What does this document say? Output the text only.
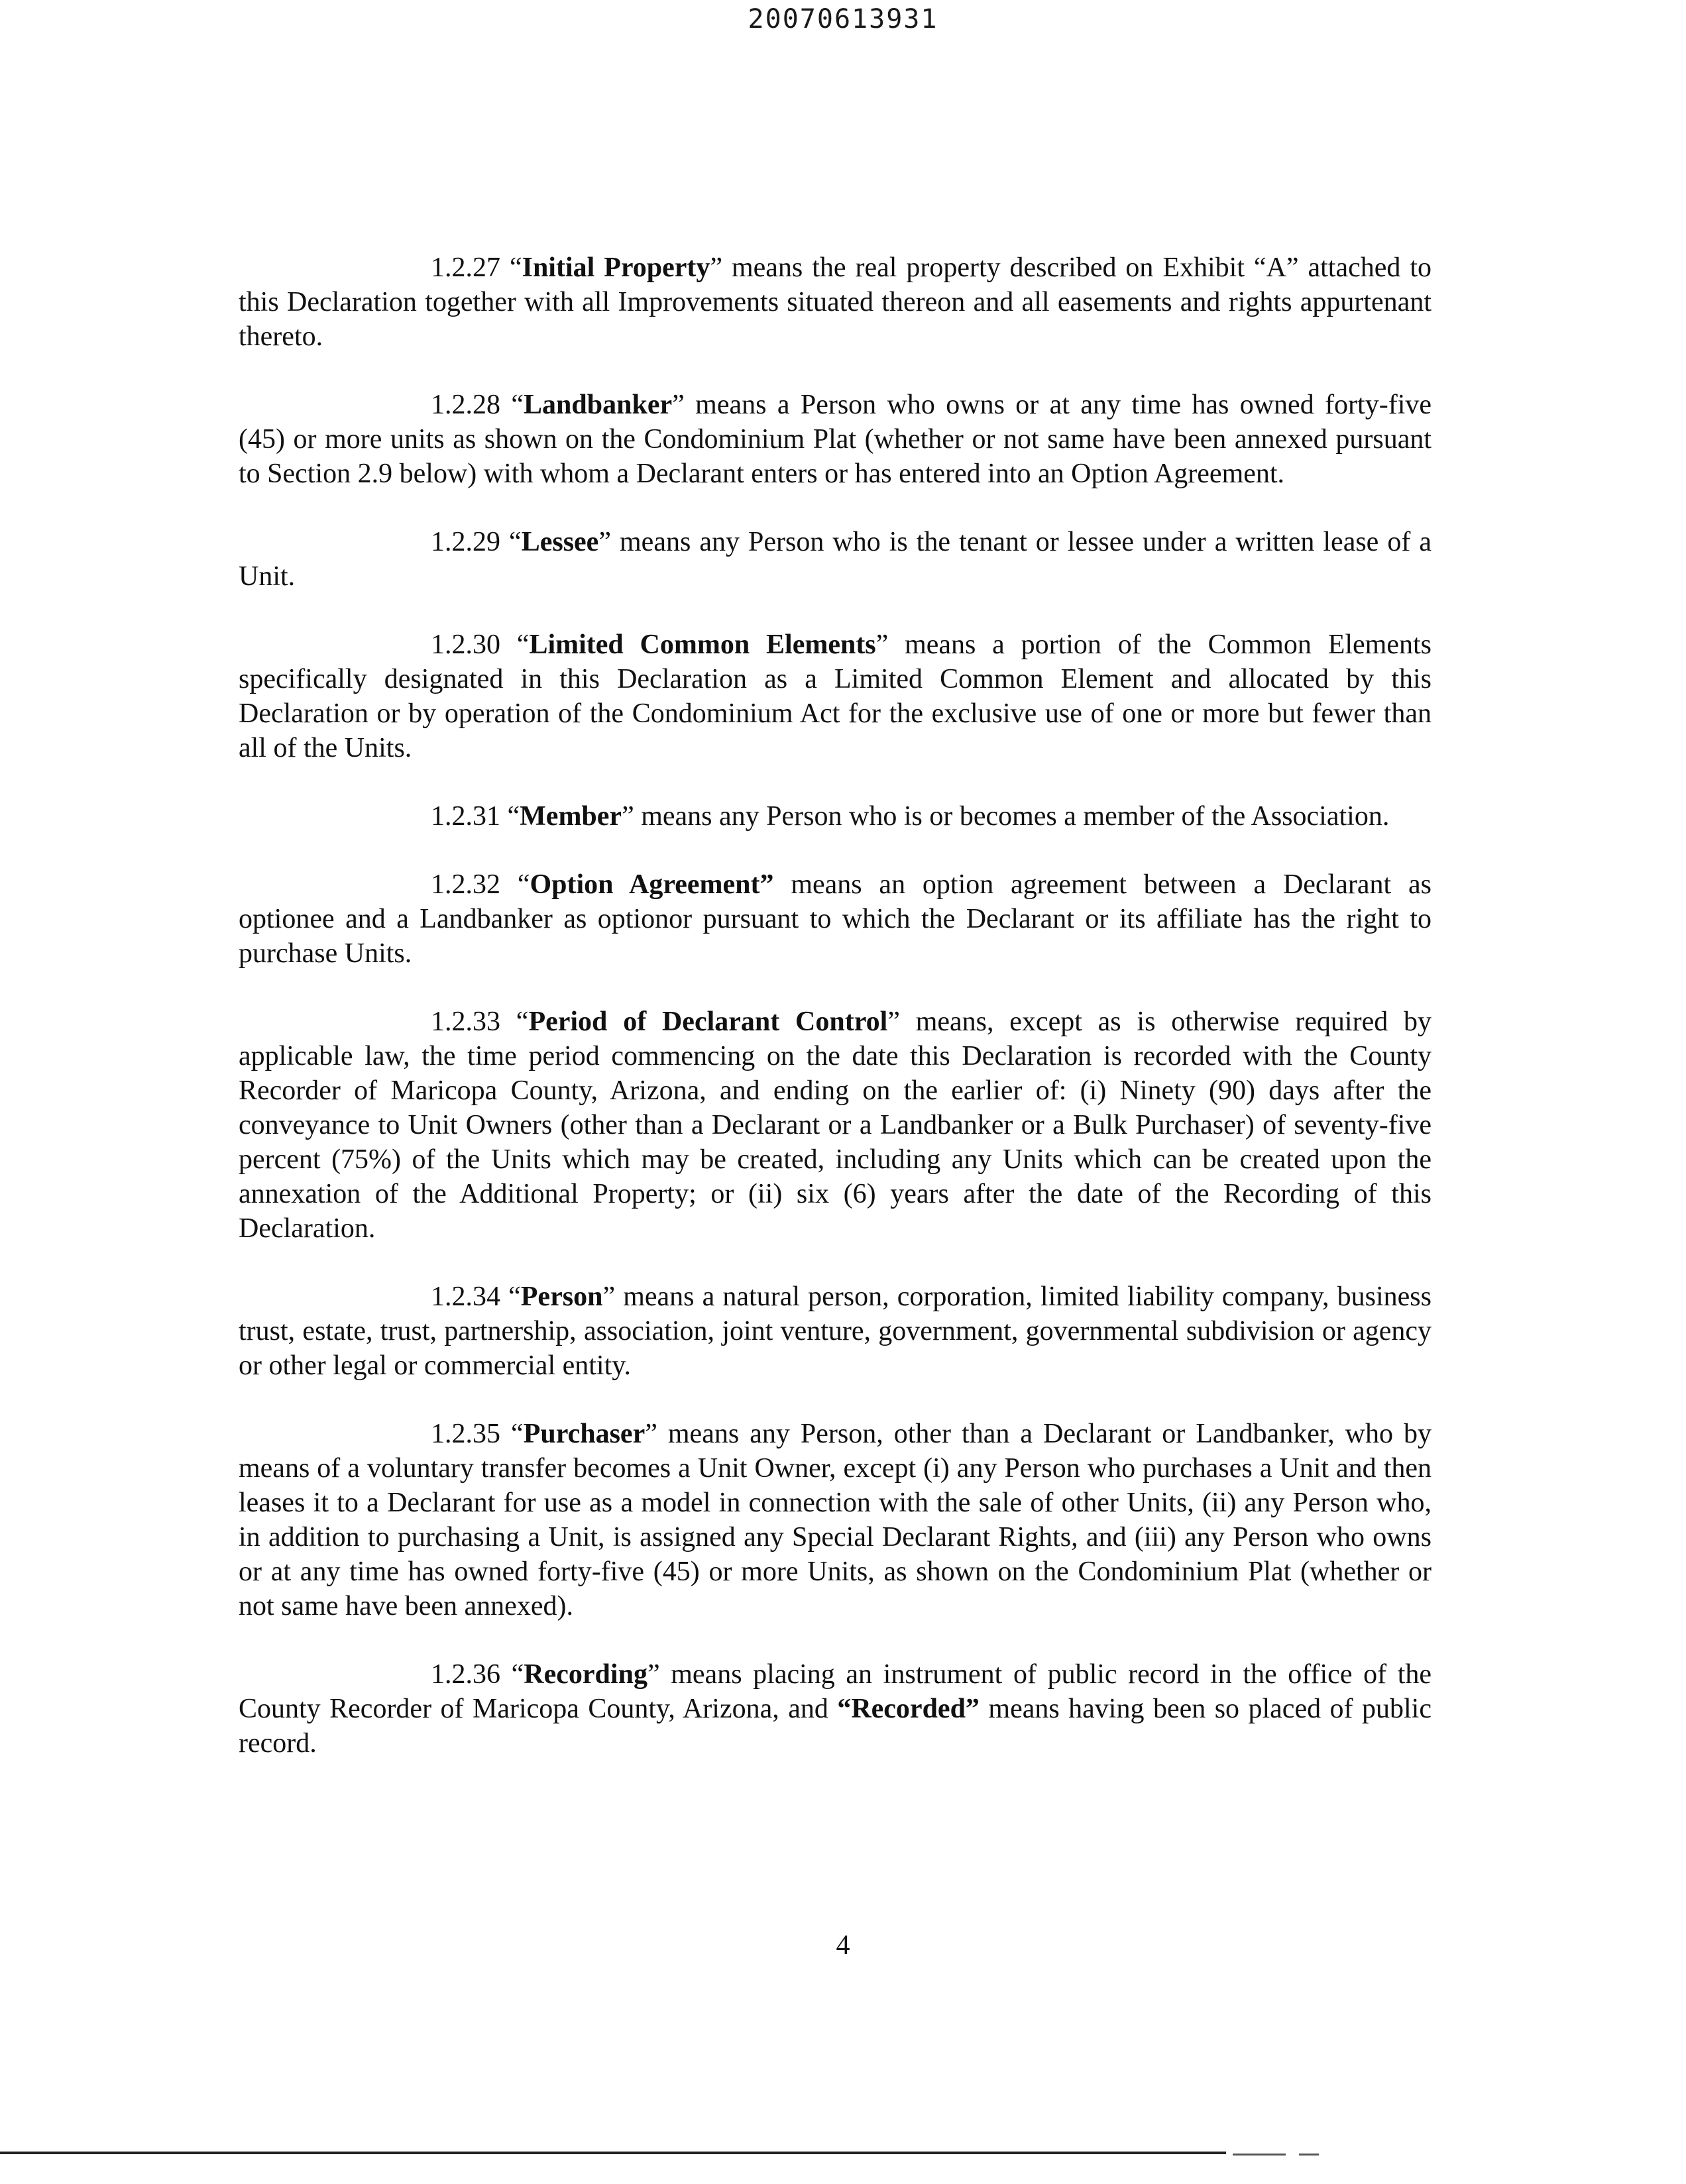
20070613931

1.2.27 “Initial Property” means the real property described on Exhibit “A” attached to this Declaration together with all Improvements situated thereon and all easements and rights appurtenant thereto.

1.2.28 “Landbanker” means a Person who owns or at any time has owned forty-five (45) or more units as shown on the Condominium Plat (whether or not same have been annexed pursuant to Section 2.9 below) with whom a Declarant enters or has entered into an Option Agreement.

1.2.29 “Lessee” means any Person who is the tenant or lessee under a written lease of a Unit.

1.2.30 “Limited Common Elements” means a portion of the Common Elements specifically designated in this Declaration as a Limited Common Element and allocated by this Declaration or by operation of the Condominium Act for the exclusive use of one or more but fewer than all of the Units.

1.2.31 “Member” means any Person who is or becomes a member of the Association.

1.2.32 “Option Agreement” means an option agreement between a Declarant as optionee and a Landbanker as optionor pursuant to which the Declarant or its affiliate has the right to purchase Units.

1.2.33 “Period of Declarant Control” means, except as is otherwise required by applicable law, the time period commencing on the date this Declaration is recorded with the County Recorder of Maricopa County, Arizona, and ending on the earlier of: (i) Ninety (90) days after the conveyance to Unit Owners (other than a Declarant or a Landbanker or a Bulk Purchaser) of seventy-five percent (75%) of the Units which may be created, including any Units which can be created upon the annexation of the Additional Property; or (ii) six (6) years after the date of the Recording of this Declaration.

1.2.34 “Person” means a natural person, corporation, limited liability company, business trust, estate, trust, partnership, association, joint venture, government, governmental subdivision or agency or other legal or commercial entity.

1.2.35 “Purchaser” means any Person, other than a Declarant or Landbanker, who by means of a voluntary transfer becomes a Unit Owner, except (i) any Person who purchases a Unit and then leases it to a Declarant for use as a model in connection with the sale of other Units, (ii) any Person who, in addition to purchasing a Unit, is assigned any Special Declarant Rights, and (iii) any Person who owns or at any time has owned forty-five (45) or more Units, as shown on the Condominium Plat (whether or not same have been annexed).

1.2.36 “Recording” means placing an instrument of public record in the office of the County Recorder of Maricopa County, Arizona, and “Recorded” means having been so placed of public record.

4
